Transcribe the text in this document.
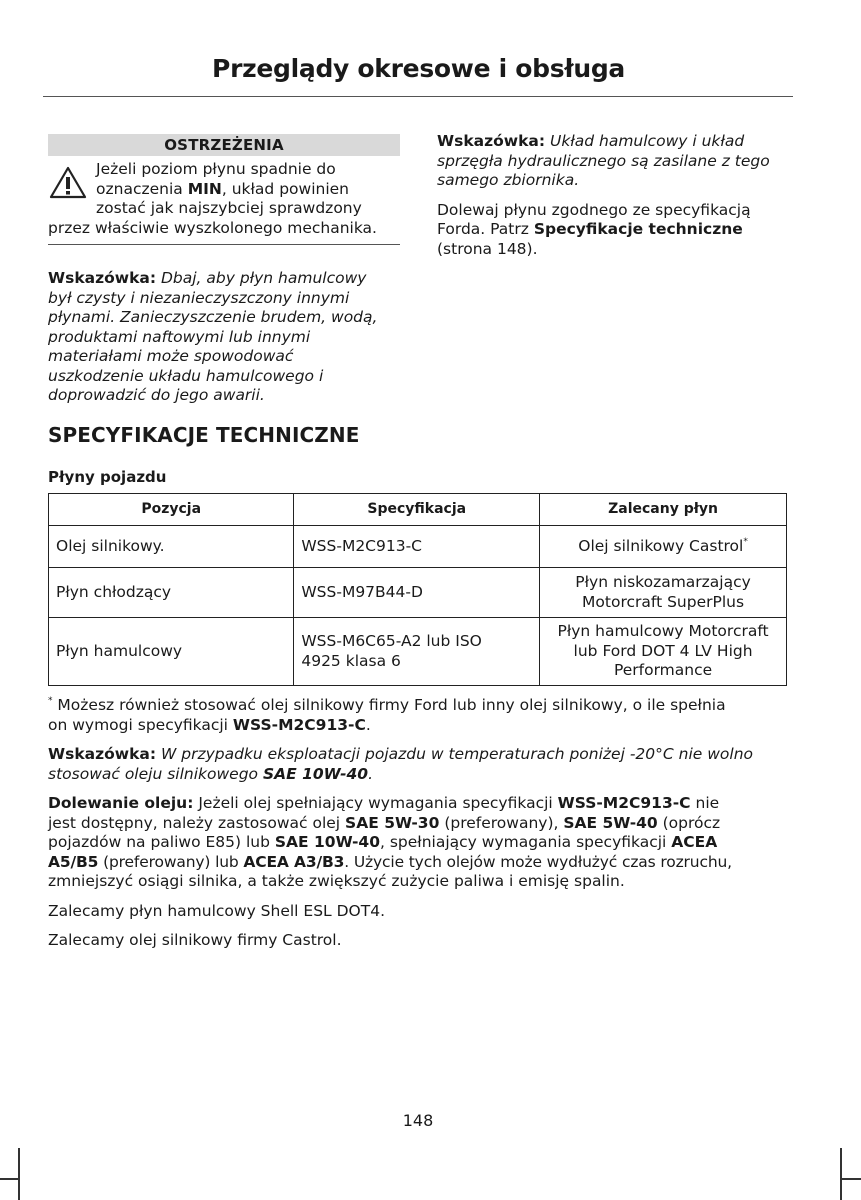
Przeglądy okresowe i obsługa
OSTRZEŻENIA
Jeżeli poziom płynu spadnie do
oznaczenia MIN, układ powinien
zostać jak najszybciej sprawdzony
przez właściwie wyszkolonego mechanika.
Wskazówka: Dbaj, aby płyn hamulcowy
był czysty i niezanieczyszczony innymi
płynami. Zanieczyszczenie brudem, wodą,
produktami naftowymi lub innymi
materiałami może spowodować
uszkodzenie układu hamulcowego i
doprowadzić do jego awarii.
Wskazówka: Układ hamulcowy i układ
sprzęgła hydraulicznego są zasilane z tego
samego zbiornika.
Dolewaj płynu zgodnego ze specyfikacją
Forda. Patrz Specyfikacje techniczne
(strona 148).
SPECYFIKACJE TECHNICZNE
Płyny pojazdu
Pozycja	Specyfikacja	Zalecany płyn
Olej silnikowy.	WSS-M2C913-C	Olej silnikowy Castrol*
Płyn chłodzący	WSS-M97B44-D	Płyn niskozamarzający
Motorcraft SuperPlus

Płyn hamulcowy	WSS-M6C65-A2 lub ISO
4925 klasa 6	Płyn hamulcowy Motorcraft
lub Ford DOT 4 LV High
Performance

* Możesz również stosować olej silnikowy firmy Ford lub inny olej silnikowy, o ile spełnia
on wymogi specyfikacji WSS-M2C913-C.

Wskazówka: W przypadku eksploatacji pojazdu w temperaturach poniżej -20°C nie wolno
stosować oleju silnikowego SAE 10W-40.

Dolewanie oleju: Jeżeli olej spełniający wymagania specyfikacji WSS-M2C913-C nie
jest dostępny, należy zastosować olej SAE 5W-30 (preferowany), SAE 5W-40 (oprócz
pojazdów na paliwo E85) lub SAE 10W-40, spełniający wymagania specyfikacji ACEA
A5/B5 (preferowany) lub ACEA A3/B3. Użycie tych olejów może wydłużyć czas rozruchu,
zmniejszyć osiągi silnika, a także zwiększyć zużycie paliwa i emisję spalin.

Zalecamy płyn hamulcowy Shell ESL DOT4.

Zalecamy olej silnikowy firmy Castrol.

148
